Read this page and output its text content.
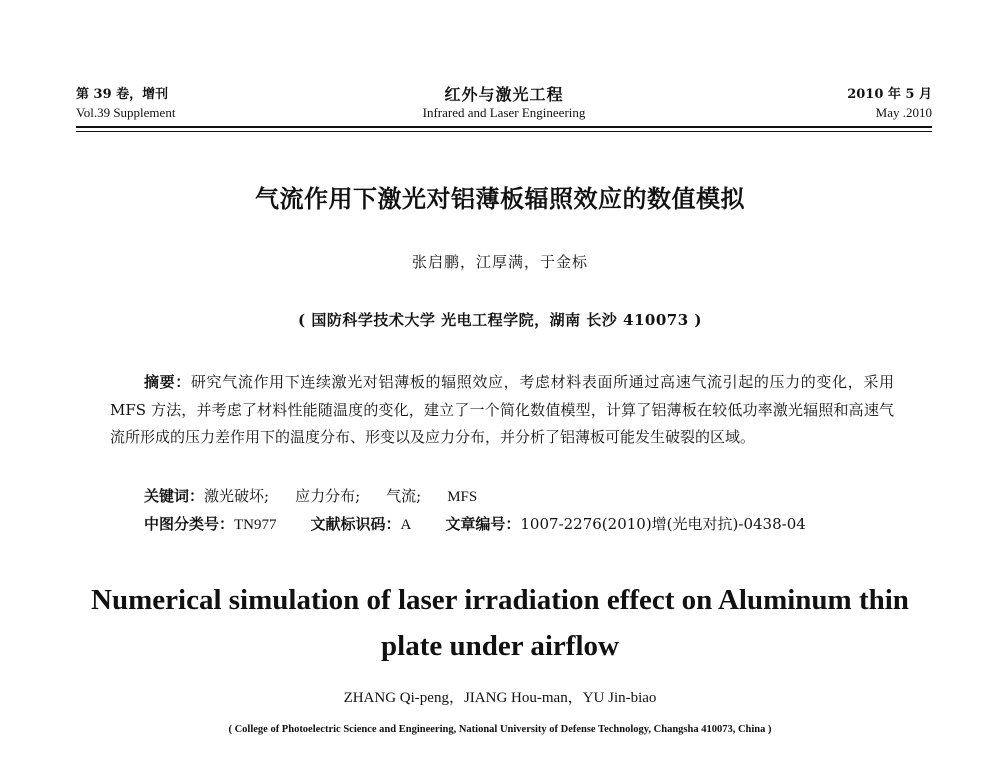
第 39 卷，增刊
Vol.39 Supplement
红外与激光工程
Infrared and Laser Engineering
2010 年 5 月
May .2010
气流作用下激光对铝薄板辐照效应的数值模拟
张启鹏，江厚满，于金标
( 国防科学技术大学 光电工程学院，湖南 长沙 410073 )
摘要：研究气流作用下连续激光对铝薄板的辐照效应，考虑材料表面所通过高速气流引起的压力的变化，采用 MFS 方法，并考虑了材料性能随温度的变化，建立了一个简化数值模型，计算了铝薄板在较低功率激光辐照和高速气流所形成的压力差作用下的温度分布、形变以及应力分布，并分析了铝薄板可能发生破裂的区域。
关键词：激光破坏; 应力分布; 气流; MFS
中图分类号：TN977 文献标识码：A 文章编号：1007-2276(2010)增(光电对抗)-0438-04
Numerical simulation of laser irradiation effect on Aluminum thin plate under airflow
ZHANG Qi-peng，JIANG Hou-man，YU Jin-biao
( College of Photoelectric Science and Engineering, National University of Defense Technology, Changsha 410073, China )
